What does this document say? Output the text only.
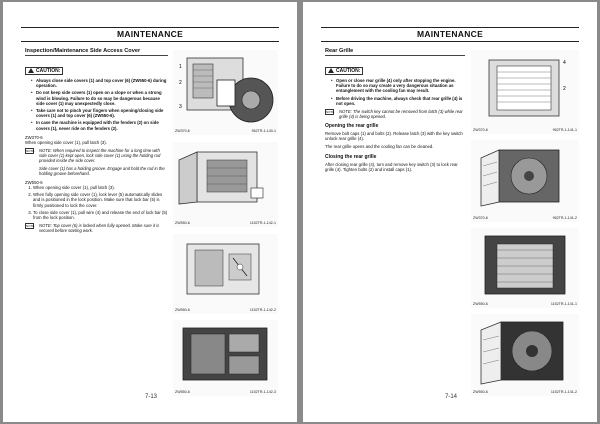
MAINTENANCE
Inspection/Maintenance Side Access Cover
CAUTION:
• Always close side covers (1) and top cover (6) (ZW550-6) during operation.
• Do not keep side covers (1) open on a slope or when a strong wind is blowing. Failure to do so may be dangerous because side cover (1) may unexpectedly close.
• Take care not to pinch your fingers when opening/closing side covers (1) and top cover (6) (ZW550-6).
• In case the machine is equipped with the fenders (2) on side covers (1), never ride on the fenders (2).
ZW370-6
When opening side cover (1), pull latch (3).
NOTE NOTE: When required to inspect the machine for a long time with side cover (1) kept open, lock side cover (1) using the holding rod provided inside the side cover.
Side cover (1) has a holding groove. Engage and hold the rod in the holding groove beforehand.
ZW550-6
1. When opening side cover (1), pull latch (3).
2. When fully opening side cover (1), lock lever (5) automatically slides and is positioned in the lock position. Make sure that lock bar (5) is firmly positioned to lock the cover.
3. To close side cover (1), pull wire (4) and release the end of lock bar (5) from the lock position.
NOTE NOTE: Top cover (6) is locked when fully opened. Make sure it is secured before starting work.
1
2
3
ZW370-6	952TR-1-140-1
ZW550-6	1152TR-1-142-1
ZW550-6	1152TR-1-142-2
ZW550-6	1152TR-1-142-3
7-13
MAINTENANCE
Rear Grille
CAUTION:
• Open or close rear grille (4) only after stopping the engine. Failure to do so may create a very dangerous situation as entanglement with the cooling fan may result.
• Before driving the machine, always check that rear grille (4) is not open.
NOTE NOTE: The switch key cannot be removed from latch (3) while rear grille (4) is being opened.
Opening the rear grille
Remove bolt caps (1) and bolts (2). Release latch (3) with the key switch unlock rear grille (4).
The rear grille opens and the cooling fan can be cleaned.
Closing the rear grille
After closing rear grille (4), turn and remove key switch (3) to lock rear grille (4). Tighten bolts (2) and install caps (1).
4
2
ZW370-6	952TR-1-141-1
ZW370-6	952TR-1-141-2
ZW550-6	1152TR-1-141-1
ZW550-6	1152TR-1-141-2
7-14
